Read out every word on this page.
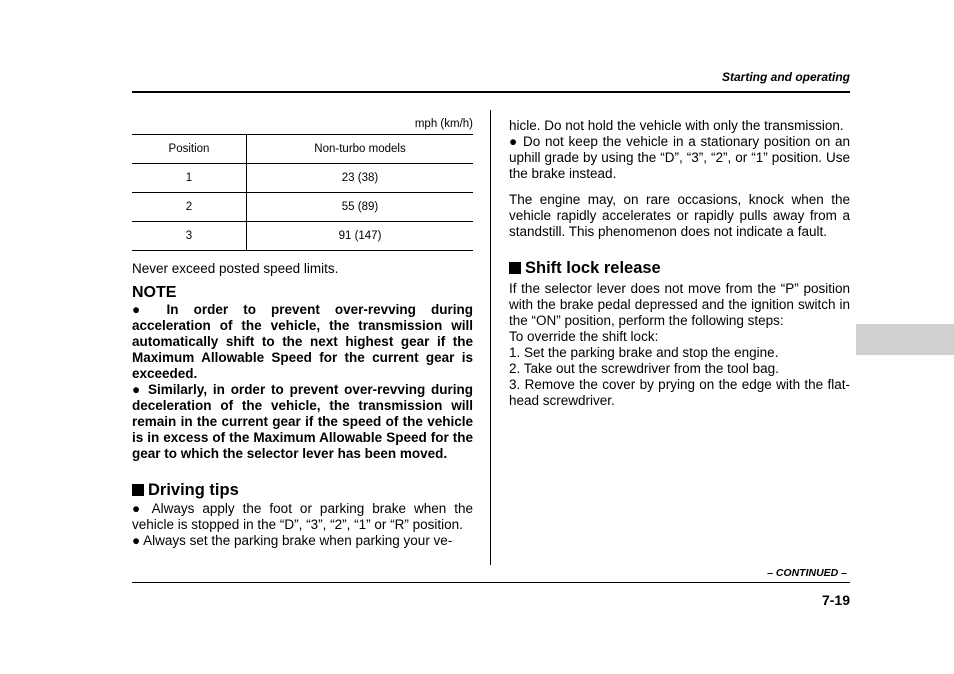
Starting and operating
mph (km/h)
Position	Non-turbo models
1	23 (38)
2	55 (89)
3	91 (147)

Never exceed posted speed limits.

NOTE

● In order to prevent over-revving during acceleration of the vehicle, the transmission will automatically shift to the next highest gear if the Maximum Allowable Speed for the current gear is exceeded.

● Similarly, in order to prevent over-revving during deceleration of the vehicle, the transmission will remain in the current gear if the speed of the vehicle is in excess of the Maximum Allowable Speed for the gear to which the selector lever has been moved.

Driving tips

● Always apply the foot or parking brake when the vehicle is stopped in the “D”, “3”, “2”, “1” or “R” position.

● Always set the parking brake when parking your ve-

hicle. Do not hold the vehicle with only the transmission.

● Do not keep the vehicle in a stationary position on an uphill grade by using the “D”, “3”, “2”, or “1” position. Use the brake instead.

The engine may, on rare occasions, knock when the vehicle rapidly accelerates or rapidly pulls away from a standstill. This phenomenon does not indicate a fault.

Shift lock release

If the selector lever does not move from the “P” position with the brake pedal depressed and the ignition switch in the “ON” position, perform the following steps:

To override the shift lock:

1. Set the parking brake and stop the engine.

2. Take out the screwdriver from the tool bag.

3. Remove the cover by prying on the edge with the flat-head screwdriver.

– CONTINUED –
7-19
